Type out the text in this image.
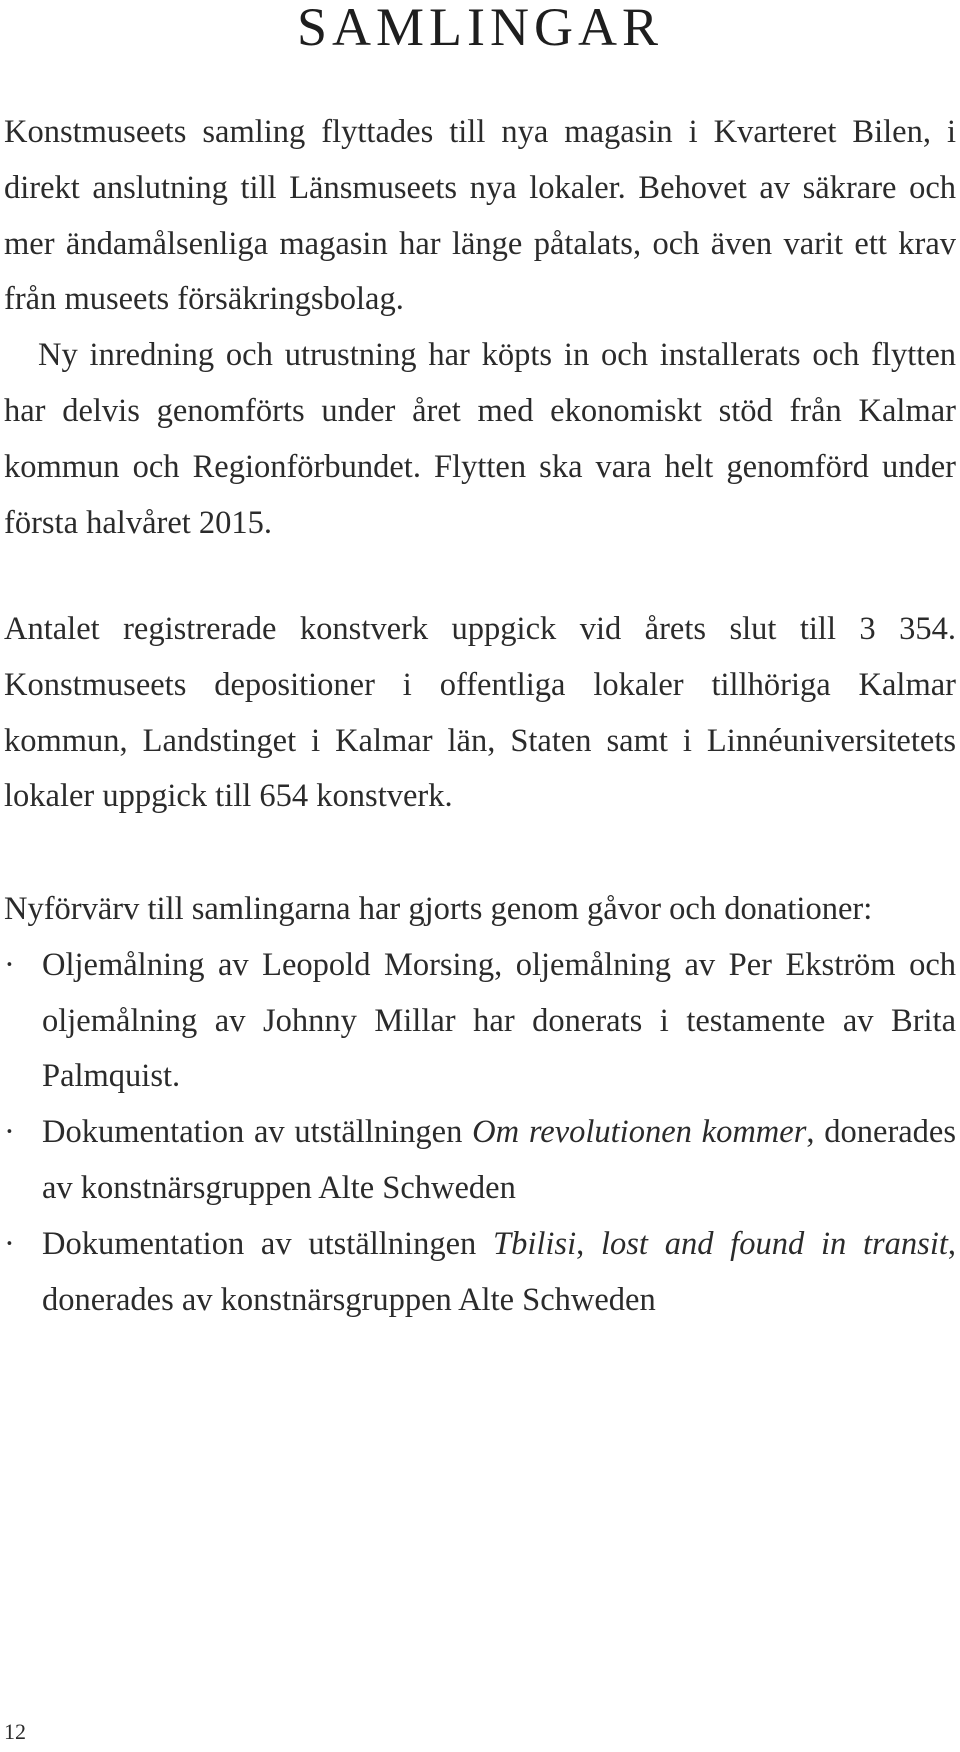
SAMLINGAR

Konstmuseets samling flyttades till nya magasin i Kvarteret Bilen, i direkt anslutning till Länsmuseets nya lokaler. Behovet av säkrare och mer ändamålsenliga magasin har länge påtalats, och även varit ett krav från museets försäkringsbolag.

Ny inredning och utrustning har köpts in och installerats och flytten har delvis genomförts under året med ekonomiskt stöd från Kalmar kommun och Regionförbundet. Flytten ska vara helt genomförd under första halvåret 2015.

Antalet registrerade konstverk uppgick vid årets slut till 3 354. Konstmuseets depositioner i offentliga lokaler tillhöriga Kalmar kommun, Landstinget i Kalmar län, Staten samt i Linnéuniversitetets lokaler uppgick till 654 konstverk.

Nyförvärv till samlingarna har gjorts genom gåvor och donationer:

· Oljemålning av Leopold Morsing, oljemålning av Per Ekström och oljemålning av Johnny Millar har donerats i testamente av Brita Palmquist.
· Dokumentation av utställningen Om revolutionen kommer, donerades av konstnärsgruppen Alte Schweden
· Dokumentation av utställningen Tbilisi, lost and found in transit, donerades av konstnärsgruppen Alte Schweden
12
